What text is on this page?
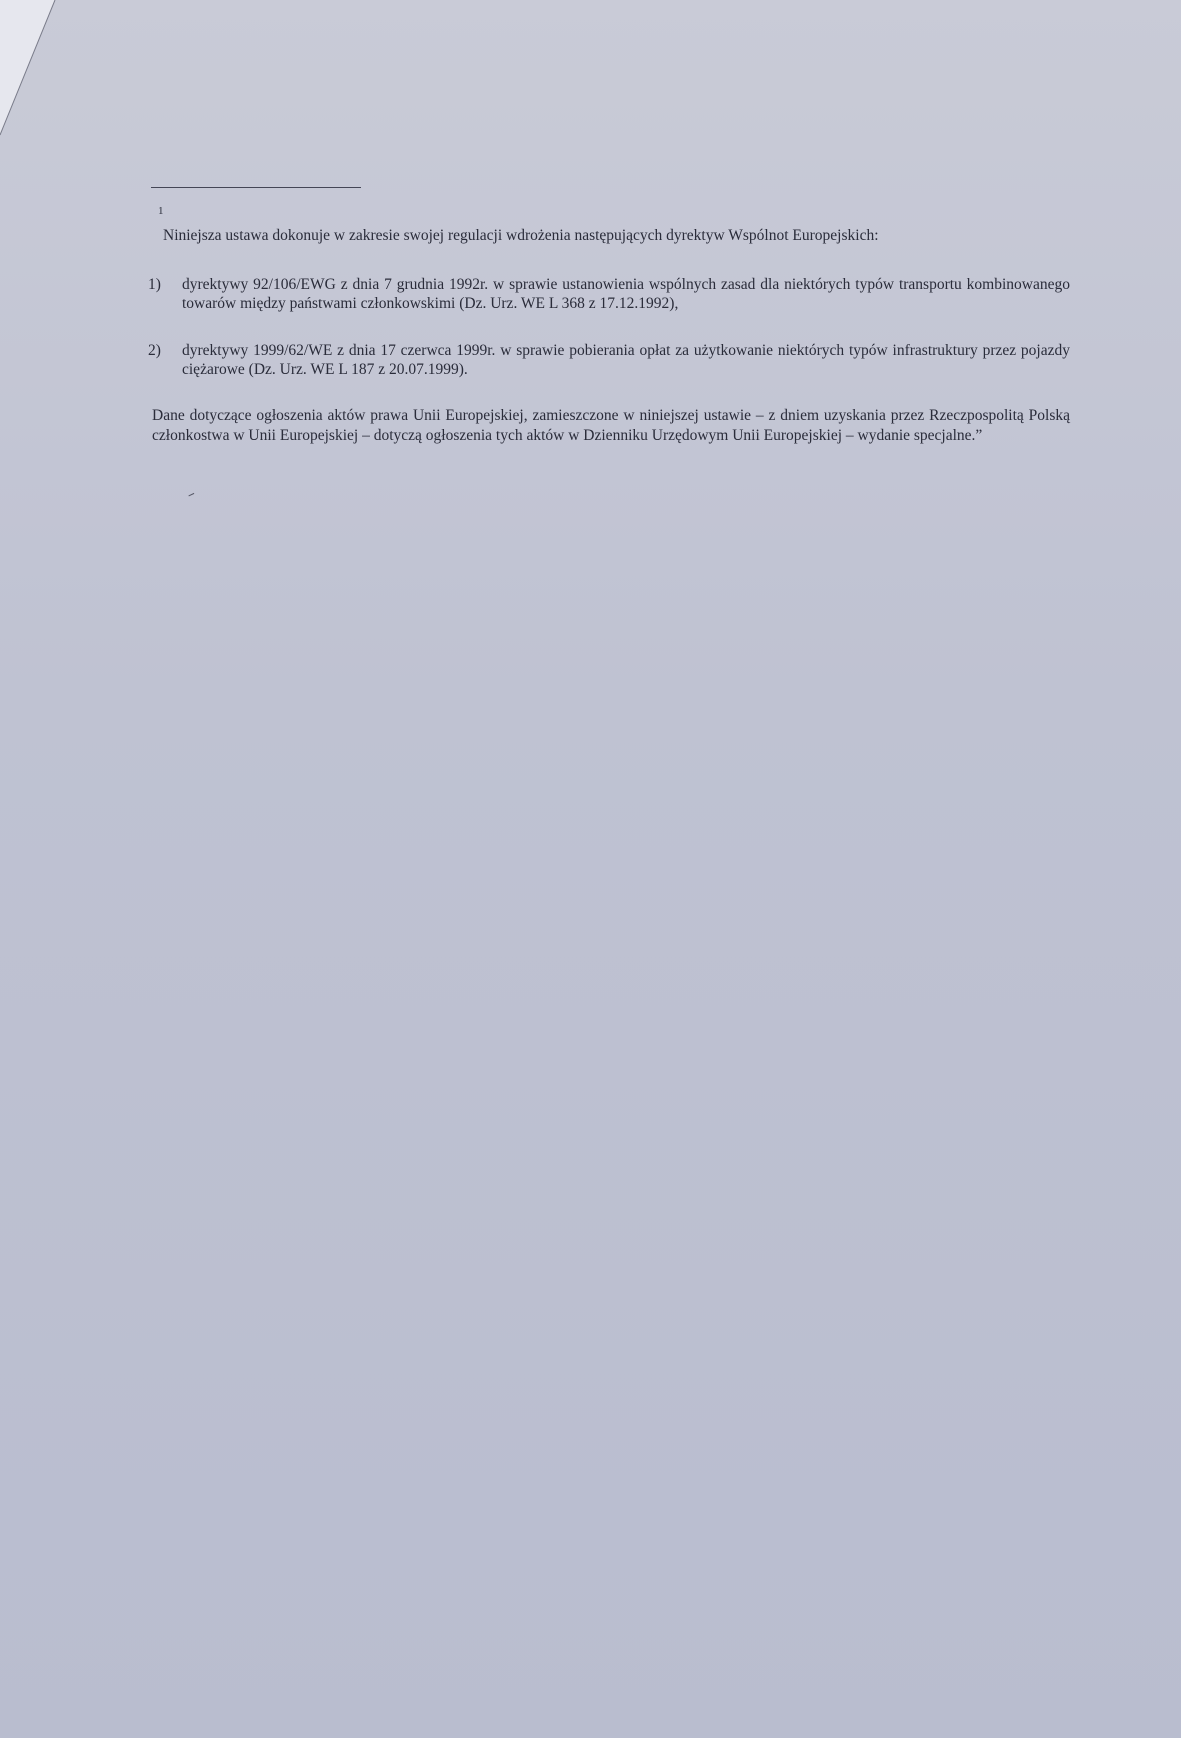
1
Niniejsza ustawa dokonuje w zakresie swojej regulacji wdrożenia następujących dyrektyw Wspólnot Europejskich:
1)	dyrektywy 92/106/EWG z dnia 7 grudnia 1992r. w sprawie ustanowienia wspólnych zasad dla niektórych typów transportu kombinowanego towarów między państwami członkowskimi (Dz. Urz. WE L 368 z 17.12.1992),
2)	dyrektywy 1999/62/WE z dnia 17 czerwca 1999r. w sprawie pobierania opłat za użytkowanie niektórych typów infrastruktury przez pojazdy ciężarowe (Dz. Urz. WE L 187 z 20.07.1999).
Dane dotyczące ogłoszenia aktów prawa Unii Europejskiej, zamieszczone w niniejszej ustawie – z dniem uzyskania przez Rzeczpospolitą Polską członkostwa w Unii Europejskiej – dotyczą ogłoszenia tych aktów w Dzienniku Urzędowym Unii Europejskiej – wydanie specjalne.”
